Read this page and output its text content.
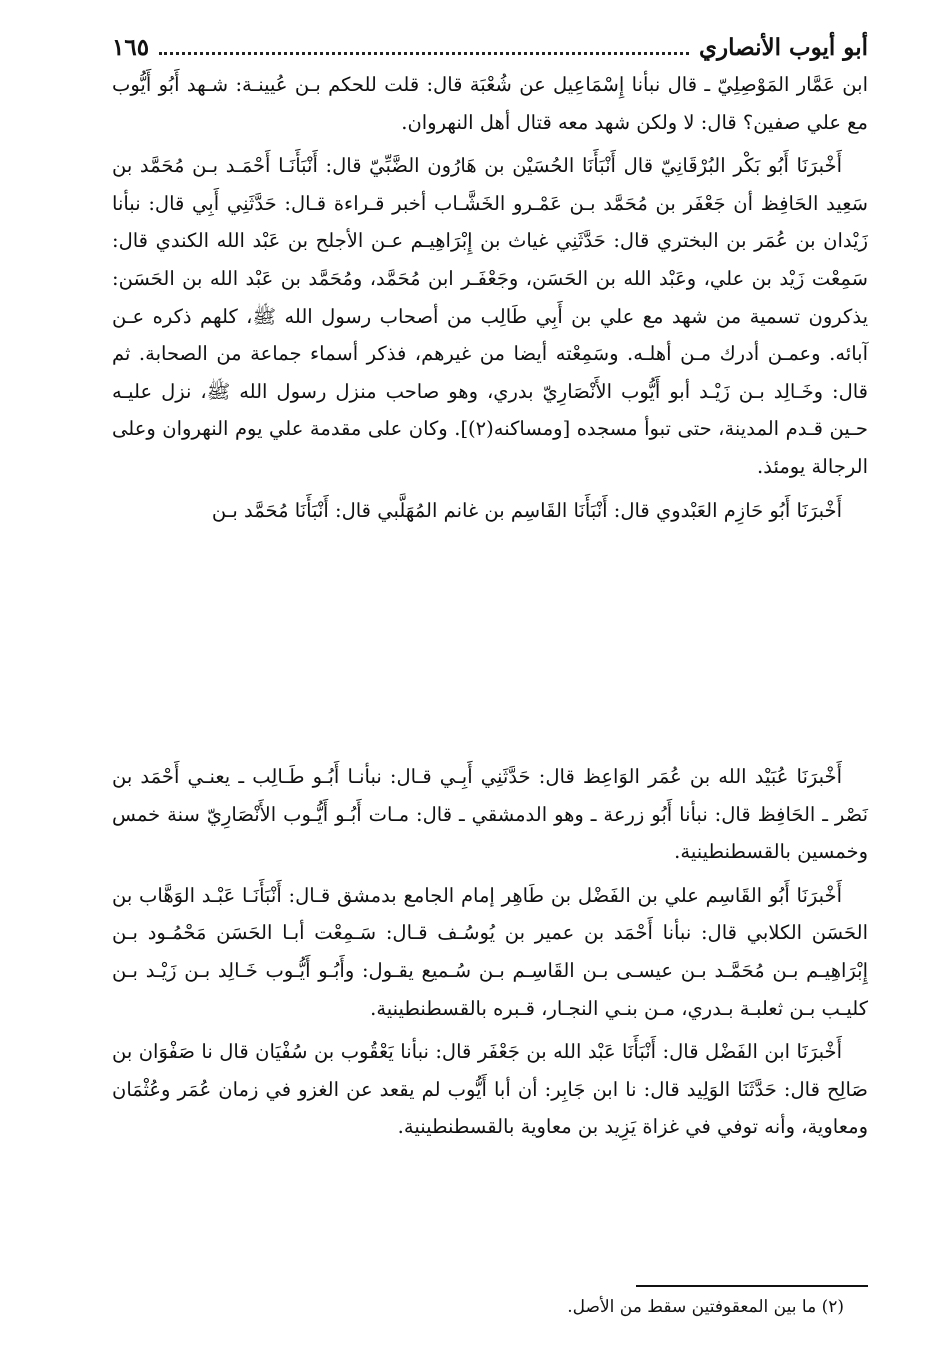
أبو أيوب الأنصاري
١٦٥

ابن عَمَّار المَوْصِلِيّ ـ قال نبأنا إِسْمَاعِيل عن شُعْبَة قال: قلت للحكم بـن عُيينـة: شـهد أَبُو أَيُّوب مع علي صفين؟ قال: لا ولكن شهد معه قتال أهل النهروان.

أَخْبرَنَا أَبُو بَكْر البُرْقَانِيّ قال أَنْبَأَنَا الحُسَيْن بن هَارُون الضَّبِّيّ قال: أَنْبَأَنَـا أَحْمَـد بـن مُحَمَّد بن سَعِيد الحَافِظ أن جَعْفَر بن مُحَمَّد بـن عَمْـرو الخَشَّـاب أخبر قـراءة قـال: حَدَّثَنِي أَبِي قال: نبأنا زَيْدان بن عُمَر بن البختري قال: حَدَّثَنِي غياث بن إِبْرَاهِيـم عـن الأجلح بن عَبْد الله الكندي قال: سَمِعْت زَيْد بن علي، وعَبْد الله بن الحَسَن، وجَعْفَـر ابن مُحَمَّد، ومُحَمَّد بن عَبْد الله بن الحَسَن: يذكرون تسمية من شهد مع علي بن أَبِي طَالِب من أصحاب رسول الله ﷺ، كلهم ذكره عـن آبائه. وعمـن أدرك مـن أهلـه. وسَمِعْته أيضا من غيرهم، فذكر أسماء جماعة من الصحابة. ثم قال: وخَـالِد بـن زَيْـد أبو أَيُّوب الأَنْصَارِيّ بدري، وهو صاحب منزل رسول الله ﷺ، نزل عليـه حـين قـدم المدينة، حتى تبوأ مسجده [ومساكنه(٢)]. وكان على مقدمة علي يوم النهروان وعلى الرجالة يومئذ.

أَخْبرَنَا أَبُو حَازِم العَبْدوي قال: أَنْبَأَنَا القَاسِم بن غانم المُهَلَّبي قال: أَنْبَأَنَا مُحَمَّد بـن

أَخْبرَنَا عُبَيْد الله بن عُمَر الوَاعِظ قال: حَدَّثَنِي أَبِـي قـال: نبأنـا أَبُـو طَـالِب ـ يعنـي أَحْمَد بن نَصْر ـ الحَافِظ قال: نبأنا أَبُو زرعة ـ وهو الدمشقي ـ قال: مـات أَبُـو أَيُّـوب الأَنْصَارِيّ سنة خمس وخمسين بالقسطنطينية.

أَخْبرَنَا أَبُو القَاسِم علي بن الفَضْل بن طَاهِر إمام الجامع بدمشق قـال: أَنْبَأَنَـا عَبْـد الوَهَّاب بن الحَسَن الكلابي قال: نبأنا أَحْمَد بن عمير بن يُوسُـف قـال: سَـمِعْت أبـا الحَسَن مَحْمُـود بـن إِبْرَاهِيـم بـن مُحَمَّـد بـن عيسـى بـن القَاسِـم بـن سُـميع يقـول: وأَبُـو أَيُّـوب خَـالِد بـن زَيْـد بـن كليـب بـن ثعلبـة بـدري، مـن بنـي النجـار، قـبره بالقسطنطينية.

أَخْبرَنَا ابن الفَضْل قال: أَنْبَأَنَا عَبْد الله بن جَعْفَر قال: نبأنا يَعْقُوب بن سُفْيَان قال نا صَفْوَان بن صَالِح قال: حَدَّثَنَا الوَلِيد قال: نا ابن جَابِر: أن أبا أَيُّوب لم يقعد عن الغزو في زمان عُمَر وعُثْمَان ومعاوية، وأنه توفي في غزاة يَزِيد بن معاوية بالقسطنطينية.

(٢) ما بين المعقوفتين سقط من الأصل.
